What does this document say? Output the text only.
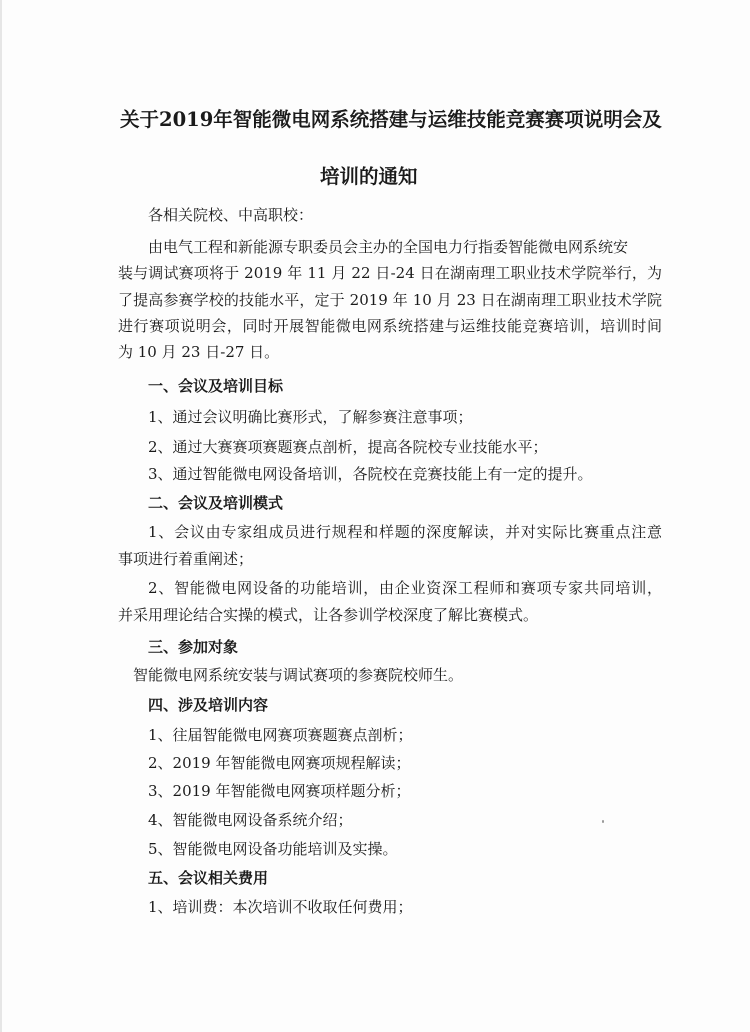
关于2019年智能微电网系统搭建与运维技能竞赛赛项说明会及
培训的通知
各相关院校、中高职校：
由电气工程和新能源专职委员会主办的全国电力行指委智能微电网系统安
装与调试赛项将于 2019 年 11 月 22 日-24 日在湖南理工职业技术学院举行，为
了提高参赛学校的技能水平，定于 2019 年 10 月 23 日在湖南理工职业技术学院
进行赛项说明会，同时开展智能微电网系统搭建与运维技能竞赛培训，培训时间
为 10 月 23 日-27 日。
一、会议及培训目标
1、通过会议明确比赛形式，了解参赛注意事项；
2、通过大赛赛项赛题赛点剖析，提高各院校专业技能水平；
3、通过智能微电网设备培训，各院校在竞赛技能上有一定的提升。
二、会议及培训模式
1、会议由专家组成员进行规程和样题的深度解读，并对实际比赛重点注意
事项进行着重阐述；
2、智能微电网设备的功能培训，由企业资深工程师和赛项专家共同培训，
并采用理论结合实操的模式，让各参训学校深度了解比赛模式。
三、参加对象
智能微电网系统安装与调试赛项的参赛院校师生。
四、涉及培训内容
1、往届智能微电网赛项赛题赛点剖析；
2、2019 年智能微电网赛项规程解读；
3、2019 年智能微电网赛项样题分析；
4、智能微电网设备系统介绍；
5、智能微电网设备功能培训及实操。
五、会议相关费用
1、培训费：本次培训不收取任何费用；
